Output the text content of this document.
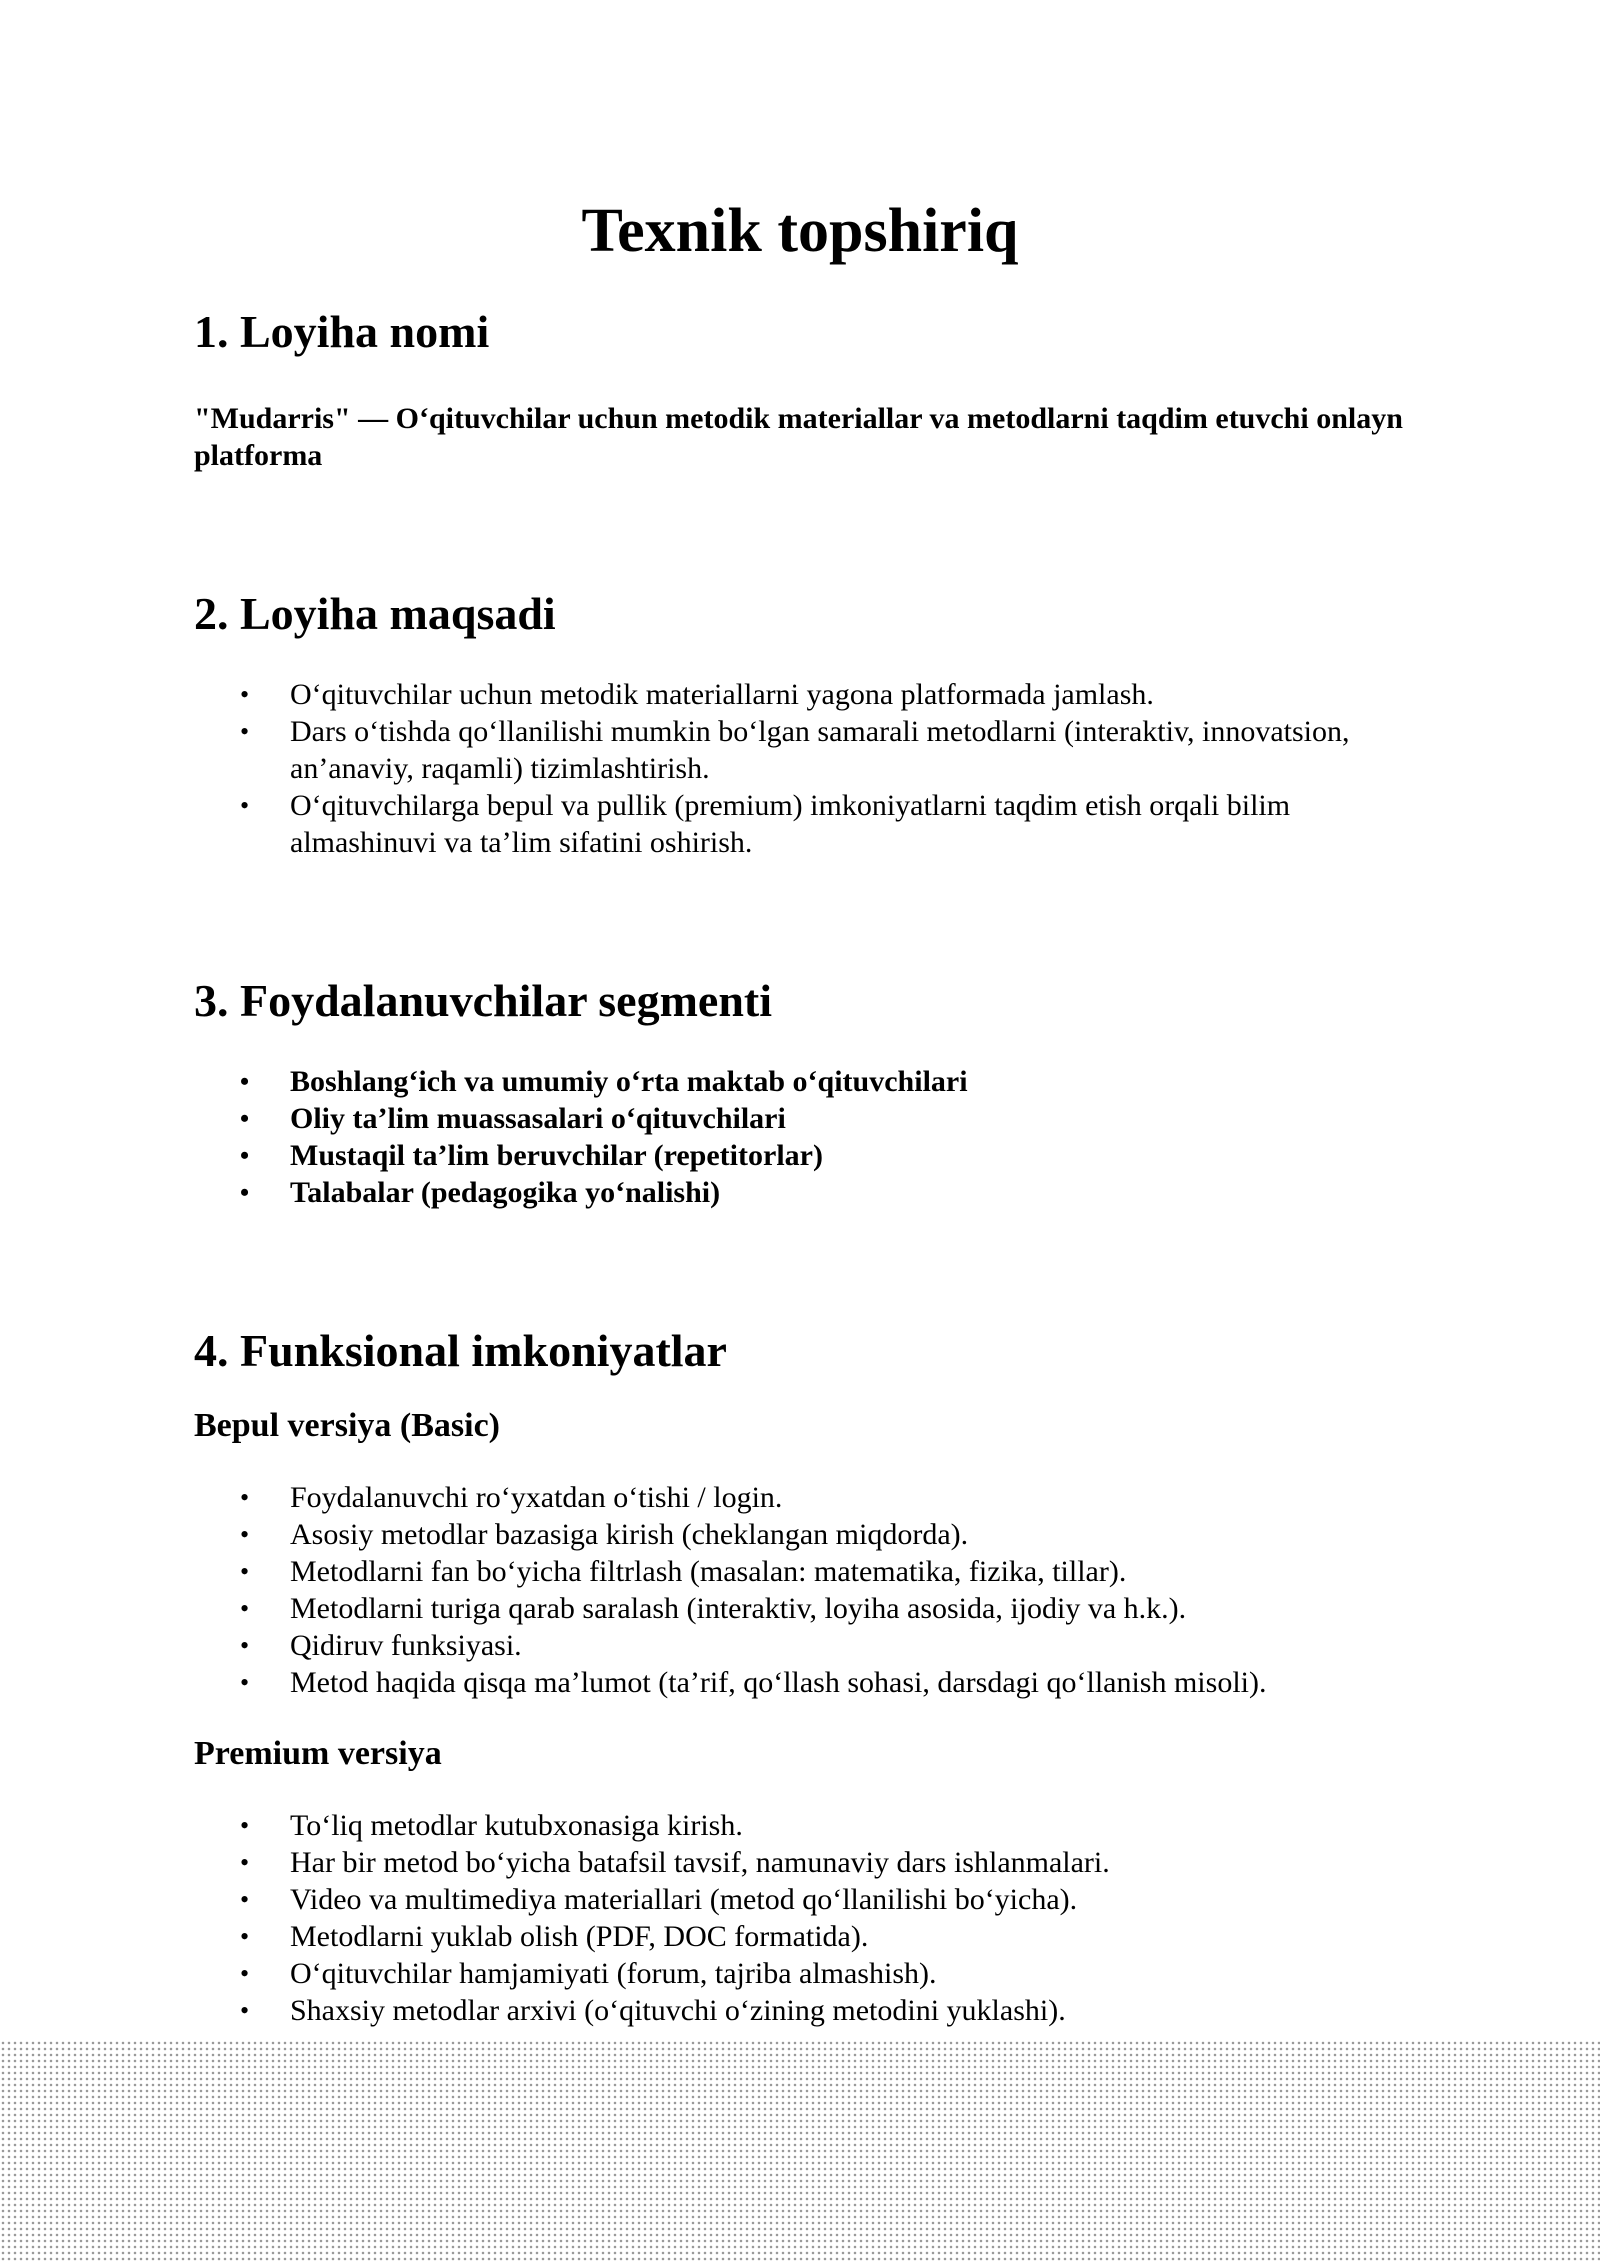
Texnik topshiriq
1. Loyiha nomi

"Mudarris" — O‘qituvchilar uchun metodik materiallar va metodlarni taqdim etuvchi onlayn platforma

2. Loyiha maqsadi
• O‘qituvchilar uchun metodik materiallarni yagona platformada jamlash.
• Dars o‘tishda qo‘llanilishi mumkin bo‘lgan samarali metodlarni (interaktiv, innovatsion, an’anaviy, raqamli) tizimlashtirish.
• O‘qituvchilarga bepul va pullik (premium) imkoniyatlarni taqdim etish orqali bilim almashinuvi va ta’lim sifatini oshirish.
3. Foydalanuvchilar segmenti
• Boshlang‘ich va umumiy o‘rta maktab o‘qituvchilari
• Oliy ta’lim muassasalari o‘qituvchilari
• Mustaqil ta’lim beruvchilar (repetitorlar)
• Talabalar (pedagogika yo‘nalishi)
4. Funksional imkoniyatlar
Bepul versiya (Basic)
• Foydalanuvchi ro‘yxatdan o‘tishi / login.
• Asosiy metodlar bazasiga kirish (cheklangan miqdorda).
• Metodlarni fan bo‘yicha filtrlash (masalan: matematika, fizika, tillar).
• Metodlarni turiga qarab saralash (interaktiv, loyiha asosida, ijodiy va h.k.).
• Qidiruv funksiyasi.
• Metod haqida qisqa ma’lumot (ta’rif, qo‘llash sohasi, darsdagi qo‘llanish misoli).
Premium versiya
• To‘liq metodlar kutubxonasiga kirish.
• Har bir metod bo‘yicha batafsil tavsif, namunaviy dars ishlanmalari.
• Video va multimediya materiallari (metod qo‘llanilishi bo‘yicha).
• Metodlarni yuklab olish (PDF, DOC formatida).
• O‘qituvchilar hamjamiyati (forum, tajriba almashish).
• Shaxsiy metodlar arxivi (o‘qituvchi o‘zining metodini yuklashi).
